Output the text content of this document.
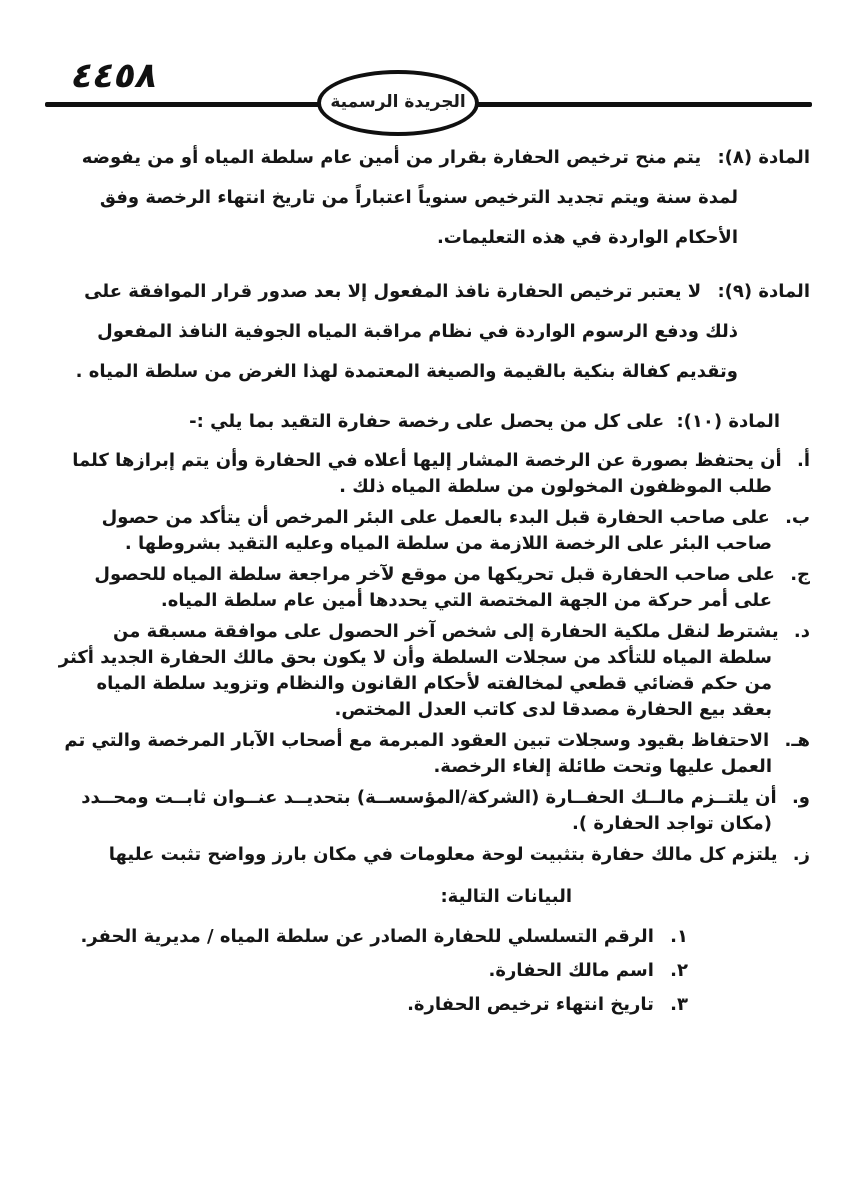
٤٤٥٨
الجريدة الرسمية

المادة (٨): يتم منح ترخيص الحفارة بقرار من أمين عام سلطة المياه أو من يفوضه لمدة سنة ويتم تجديد الترخيص سنوياً اعتباراً من تاريخ انتهاء الرخصة وفق الأحكام الواردة في هذه التعليمات.

المادة (٩): لا يعتبر ترخيص الحفارة نافذ المفعول إلا بعد صدور قرار الموافقة على ذلك ودفع الرسوم الواردة في نظام مراقبة المياه الجوفية النافذ المفعول وتقديم كفالة بنكية بالقيمة والصيغة المعتمدة لهذا الغرض من سلطة المياه .

المادة (١٠): على كل من يحصل على رخصة حفارة التقيد بما يلي :-

أ. أن يحتفظ بصورة عن الرخصة المشار إليها أعلاه في الحفارة وأن يتم إبرازها كلما طلب الموظفون المخولون من سلطة المياه ذلك .

ب. على صاحب الحفارة قبل البدء بالعمل على البئر المرخص أن يتأكد من حصول صاحب البئر على الرخصة اللازمة من سلطة المياه وعليه التقيد بشروطها .

ج. على صاحب الحفارة قبل تحريكها من موقع لآخر مراجعة سلطة المياه للحصول على أمر حركة من الجهة المختصة التي يحددها أمين عام سلطة المياه.

د. يشترط لنقل ملكية الحفارة إلى شخص آخر الحصول على موافقة مسبقة من سلطة المياه للتأكد من سجلات السلطة وأن لا يكون بحق مالك الحفارة الجديد أكثر من حكم قضائي قطعي لمخالفته لأحكام القانون والنظام وتزويد سلطة المياه بعقد بيع الحفارة مصدقا لدى كاتب العدل المختص.

هـ. الاحتفاظ بقيود وسجلات تبين العقود المبرمة مع أصحاب الآبار المرخصة والتي تم العمل عليها وتحت طائلة إلغاء الرخصة.

و. أن يلتــزم مالــك الحفــارة (الشركة/المؤسســة) بتحديــد عنــوان ثابــت ومحــدد (مكان تواجد الحفارة ).

ز. يلتزم كل مالك حفارة بتثبيت لوحة معلومات في مكان بارز وواضح تثبت عليها

البيانات التالية:

١. الرقم التسلسلي للحفارة الصادر عن سلطة المياه / مديرية الحفر.

٢. اسم مالك الحفارة.

٣. تاريخ انتهاء ترخيص الحفارة.
